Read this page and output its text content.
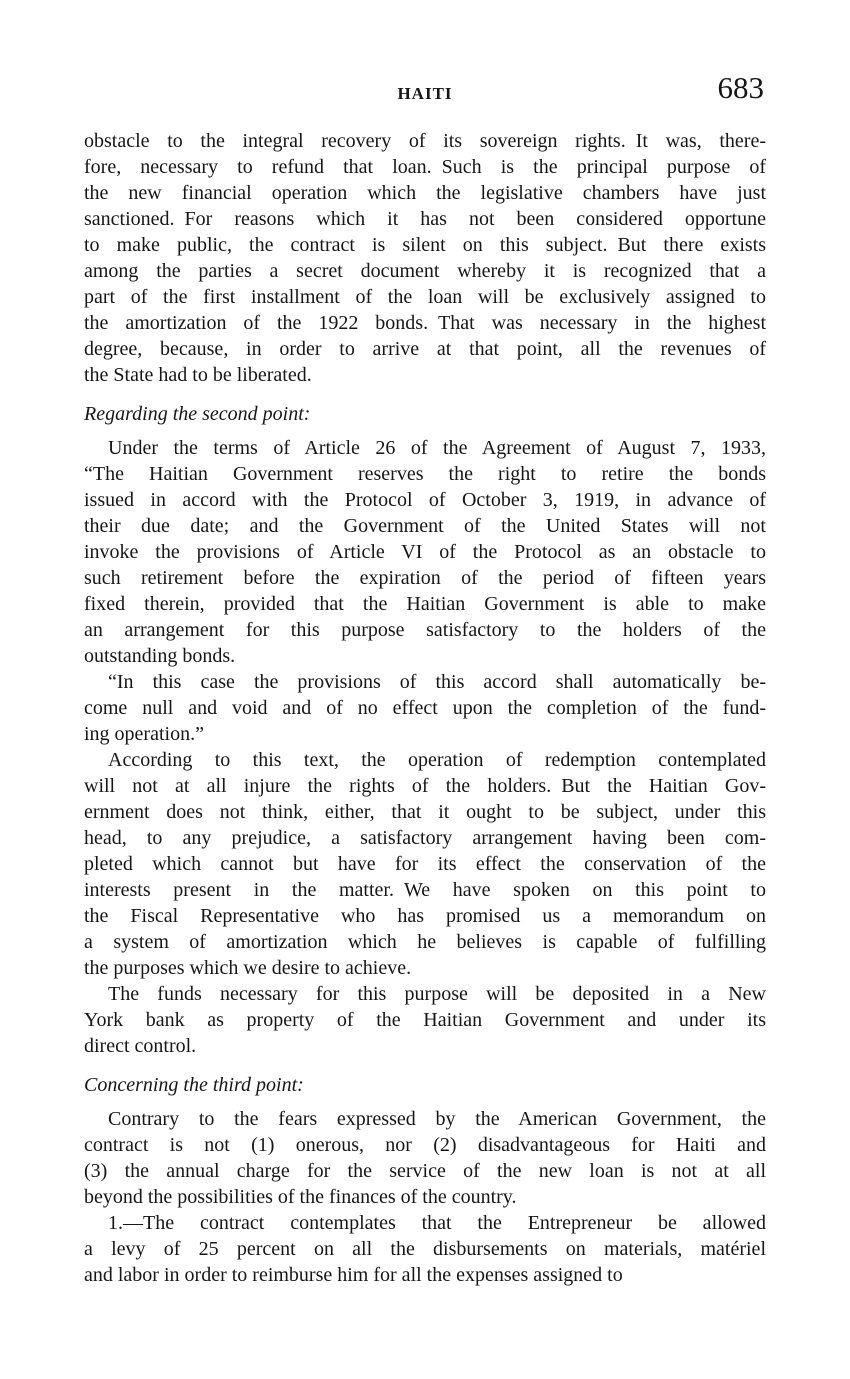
HAITI	683
obstacle to the integral recovery of its sovereign rights. It was, there-
fore, necessary to refund that loan. Such is the principal purpose of
the new financial operation which the legislative chambers have just
sanctioned. For reasons which it has not been considered opportune
to make public, the contract is silent on this subject. But there exists
among the parties a secret document whereby it is recognized that a
part of the first installment of the loan will be exclusively assigned to
the amortization of the 1922 bonds. That was necessary in the highest
degree, because, in order to arrive at that point, all the revenues of
the State had to be liberated.
Regarding the second point:
Under the terms of Article 26 of the Agreement of August 7, 1933,
“The Haitian Government reserves the right to retire the bonds
issued in accord with the Protocol of October 3, 1919, in advance of
their due date; and the Government of the United States will not
invoke the provisions of Article VI of the Protocol as an obstacle to
such retirement before the expiration of the period of fifteen years
fixed therein, provided that the Haitian Government is able to make
an arrangement for this purpose satisfactory to the holders of the
outstanding bonds.
“In this case the provisions of this accord shall automatically be-
come null and void and of no effect upon the completion of the fund-
ing operation.”
According to this text, the operation of redemption contemplated
will not at all injure the rights of the holders. But the Haitian Gov-
ernment does not think, either, that it ought to be subject, under this
head, to any prejudice, a satisfactory arrangement having been com-
pleted which cannot but have for its effect the conservation of the
interests present in the matter. We have spoken on this point to
the Fiscal Representative who has promised us a memorandum on
a system of amortization which he believes is capable of fulfilling
the purposes which we desire to achieve.
The funds necessary for this purpose will be deposited in a New
York bank as property of the Haitian Government and under its
direct control.
Concerning the third point:
Contrary to the fears expressed by the American Government, the
contract is not (1) onerous, nor (2) disadvantageous for Haiti and
(3) the annual charge for the service of the new loan is not at all
beyond the possibilities of the finances of the country.
1.—The contract contemplates that the Entrepreneur be allowed
a levy of 25 percent on all the disbursements on materials, matériel
and labor in order to reimburse him for all the expenses assigned to
